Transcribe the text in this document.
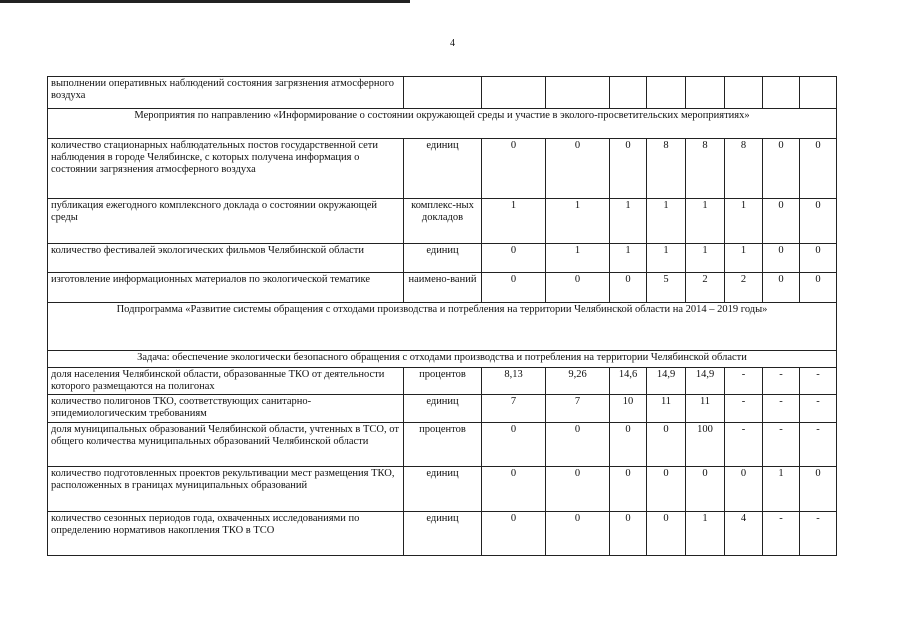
4
выполнении оперативных наблюдений состояния загрязнения атмосферного воздуха									
Мероприятия по направлению «Информирование о состоянии окружающей среды и участие в эколого-просветительских мероприятиях»									
количество стационарных наблюдательных постов государственной сети наблюдения в городе Челябинске, с которых получена информация о состоянии загрязнения атмосферного воздуха	единиц	0	0	0	8	8	8	0	0
публикация ежегодного комплексного доклада о состоянии окружающей среды	комплекс-ных докладов	1	1	1	1	1	1	0	0
количество фестивалей экологических фильмов Челябинской области	единиц	0	1	1	1	1	1	0	0
изготовление информационных материалов по экологической тематике	наимено-ваний	0	0	0	5	2	2	0	0
Подпрограмма «Развитие системы обращения с отходами производства и потребления на территории Челябинской области на 2014 – 2019 годы»									
Задача: обеспечение экологически безопасного обращения с отходами производства и потребления на территории Челябинской области									
доля населения Челябинской области, образованные ТКО от деятельности которого размещаются на полигонах	процентов	8,13	9,26	14,6	14,9	14,9	-	-	-
количество полигонов ТКО, соответствующих санитарно-эпидемиологическим требованиям	единиц	7	7	10	11	11	-	-	-
доля муниципальных образований Челябинской области, учтенных в ТСО, от общего количества муниципальных образований Челябинской области	процентов	0	0	0	0	100	-	-	-
количество подготовленных проектов рекультивации мест размещения ТКО, расположенных в границах муниципальных образований	единиц	0	0	0	0	0	0	1	0
количество сезонных периодов года, охваченных исследованиями по определению нормативов накопления ТКО в ТСО	единиц	0	0	0	0	1	4	-	-
